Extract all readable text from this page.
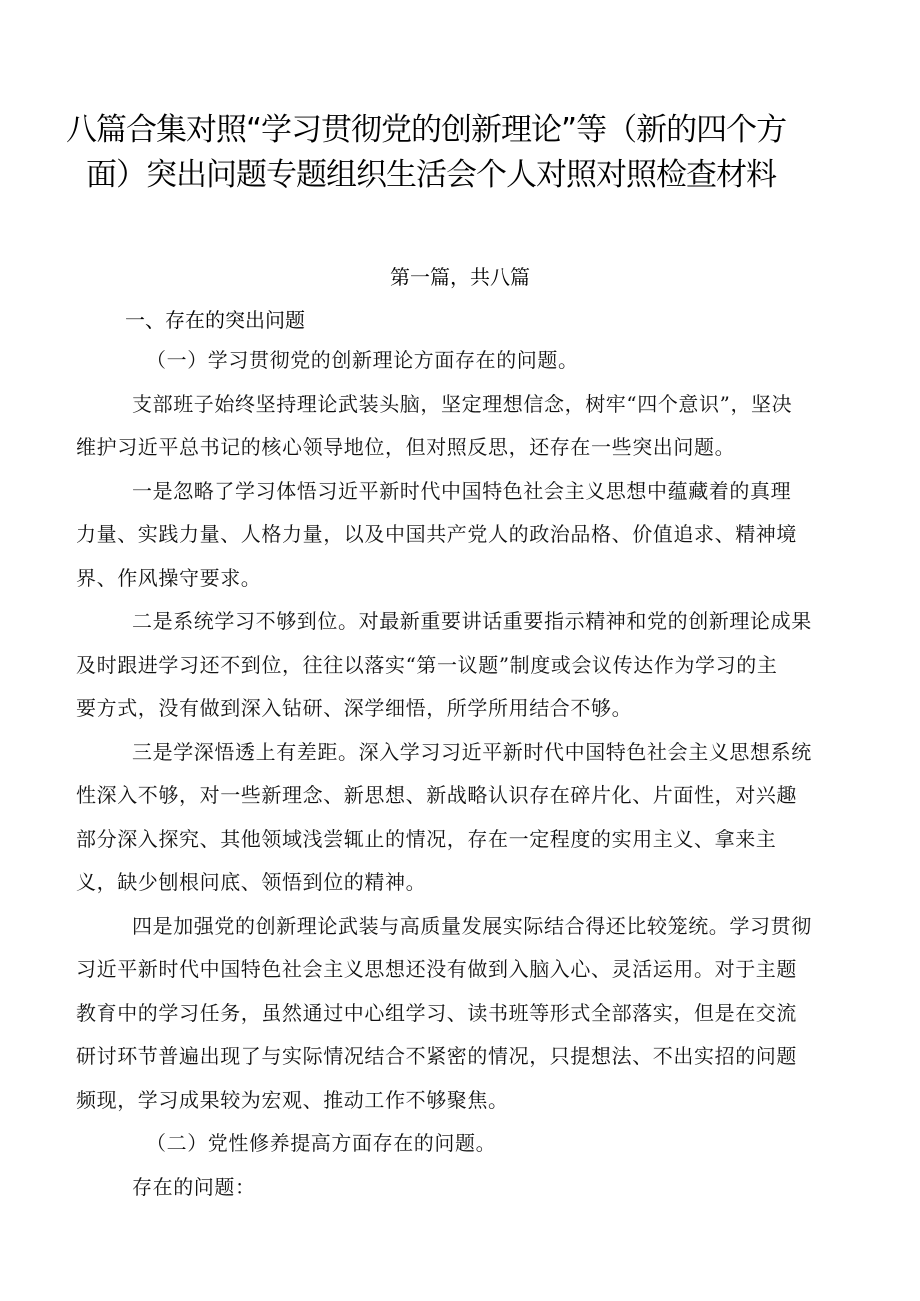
八篇合集对照“学习贯彻党的创新理论”等（新的四个方
面）突出问题专题组织生活会个人对照对照检查材料
第一篇，共八篇
一、存在的突出问题
（一）学习贯彻党的创新理论方面存在的问题。
支部班子始终坚持理论武装头脑，坚定理想信念，树牢“四个意识”，坚决
维护习近平总书记的核心领导地位，但对照反思，还存在一些突出问题。
一是忽略了学习体悟习近平新时代中国特色社会主义思想中蕴藏着的真理
力量、实践力量、人格力量，以及中国共产党人的政治品格、价值追求、精神境
界、作风操守要求。
二是系统学习不够到位。对最新重要讲话重要指示精神和党的创新理论成果
及时跟进学习还不到位，往往以落实“第一议题”制度或会议传达作为学习的主
要方式，没有做到深入钻研、深学细悟，所学所用结合不够。
三是学深悟透上有差距。深入学习习近平新时代中国特色社会主义思想系统
性深入不够，对一些新理念、新思想、新战略认识存在碎片化、片面性，对兴趣
部分深入探究、其他领域浅尝辄止的情况，存在一定程度的实用主义、拿来主
义，缺少刨根问底、领悟到位的精神。
四是加强党的创新理论武装与高质量发展实际结合得还比较笼统。学习贯彻
习近平新时代中国特色社会主义思想还没有做到入脑入心、灵活运用。对于主题
教育中的学习任务，虽然通过中心组学习、读书班等形式全部落实，但是在交流
研讨环节普遍出现了与实际情况结合不紧密的情况，只提想法、不出实招的问题
频现，学习成果较为宏观、推动工作不够聚焦。
（二）党性修养提高方面存在的问题。
存在的问题：
